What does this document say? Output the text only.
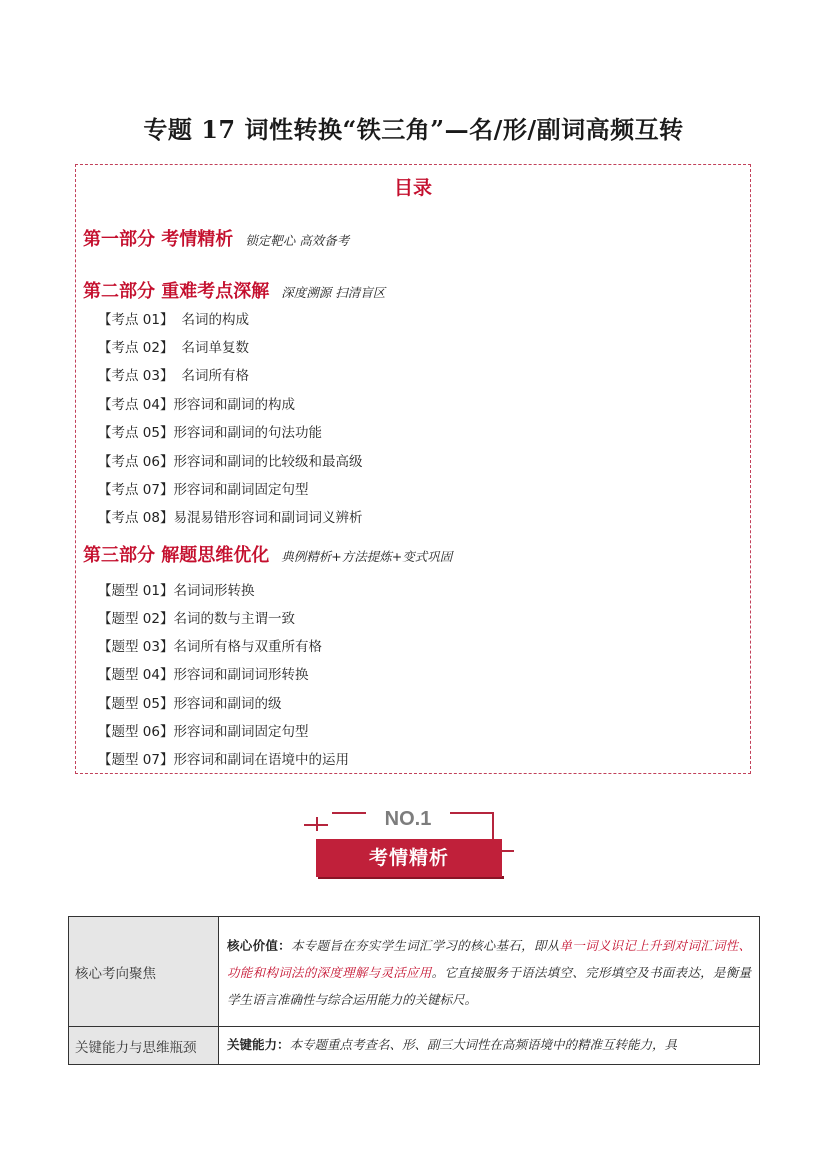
专题 17 词性转换“铁三角”—名/形/副词高频互转
目录
第一部分 考情精析 锁定靶心 高效备考
第二部分 重难考点深解 深度溯源 扫清盲区
【考点 01】 名词的构成
【考点 02】 名词单复数
【考点 03】 名词所有格
【考点 04】形容词和副词的构成
【考点 05】形容词和副词的句法功能
【考点 06】形容词和副词的比较级和最高级
【考点 07】形容词和副词固定句型
【考点 08】易混易错形容词和副词词义辨析
第三部分 解题思维优化 典例精析+方法提炼+变式巩固
【题型 01】名词词形转换
【题型 02】名词的数与主谓一致
【题型 03】名词所有格与双重所有格
【题型 04】形容词和副词词形转换
【题型 05】形容词和副词的级
【题型 06】形容词和副词固定句型
【题型 07】形容词和副词在语境中的运用
NO.1
考情精析
核心考向聚焦	核心价值：本专题旨在夯实学生词汇学习的核心基石，即从单一词义识记上升到对词汇词性、功能和构词法的深度理解与灵活应用。它直接服务于语法填空、完形填空及书面表达，是衡量学生语言准确性与综合运用能力的关键标尺。
关键能力与思维瓶颈	关键能力：本专题重点考查名、形、副三大词性在高频语境中的精准互转能力，具
